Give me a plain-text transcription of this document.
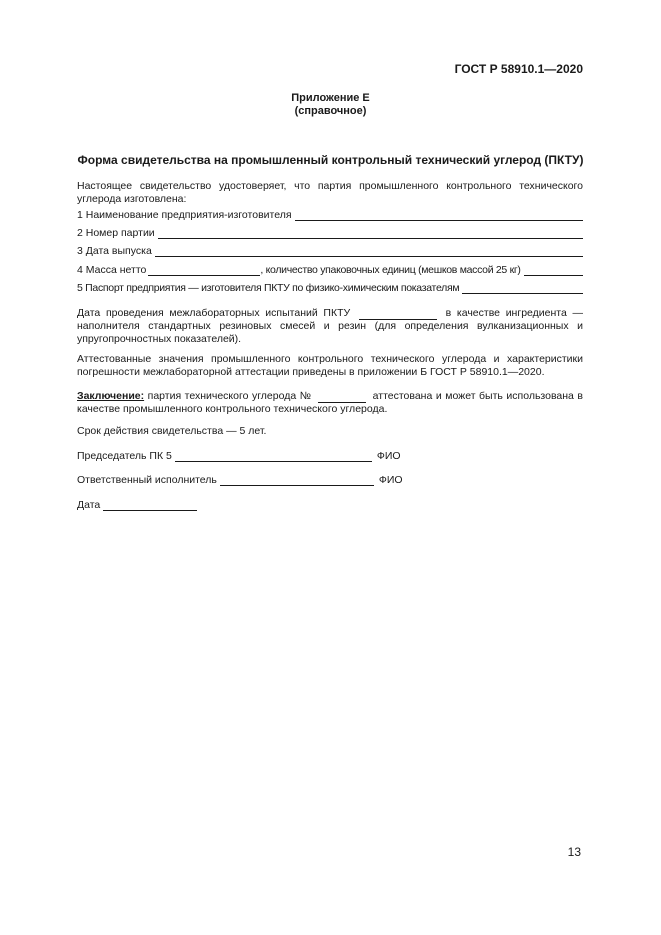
ГОСТ Р 58910.1—2020
Приложение Е
(справочное)
Форма свидетельства на промышленный контрольный технический углерод (ПКТУ)
Настоящее свидетельство удостоверяет, что партия промышленного контрольного технического углерода изготовлена:
1 Наименование предприятия-изготовителя
2 Номер партии
3 Дата выпуска
4 Масса нетто	, количество упаковочных единиц (мешков массой 25 кг)
5 Паспорт предприятия — изготовителя ПКТУ по физико-химическим показателям
Дата проведения межлабораторных испытаний ПКТУ	в качестве ингредиента — наполнителя стандартных резиновых смесей и резин (для определения вулканизационных и упругопрочностных показателей).
Аттестованные значения промышленного контрольного технического углерода и характеристики погрешности межлабораторной аттестации приведены в приложении Б ГОСТ Р 58910.1—2020.
Заключение: партия технического углерода №	аттестована и может быть использована в качестве промышленного контрольного технического углерода.
Срок действия свидетельства — 5 лет.
Председатель ПК 5	ФИО
Ответственный исполнитель	ФИО
Дата
13
